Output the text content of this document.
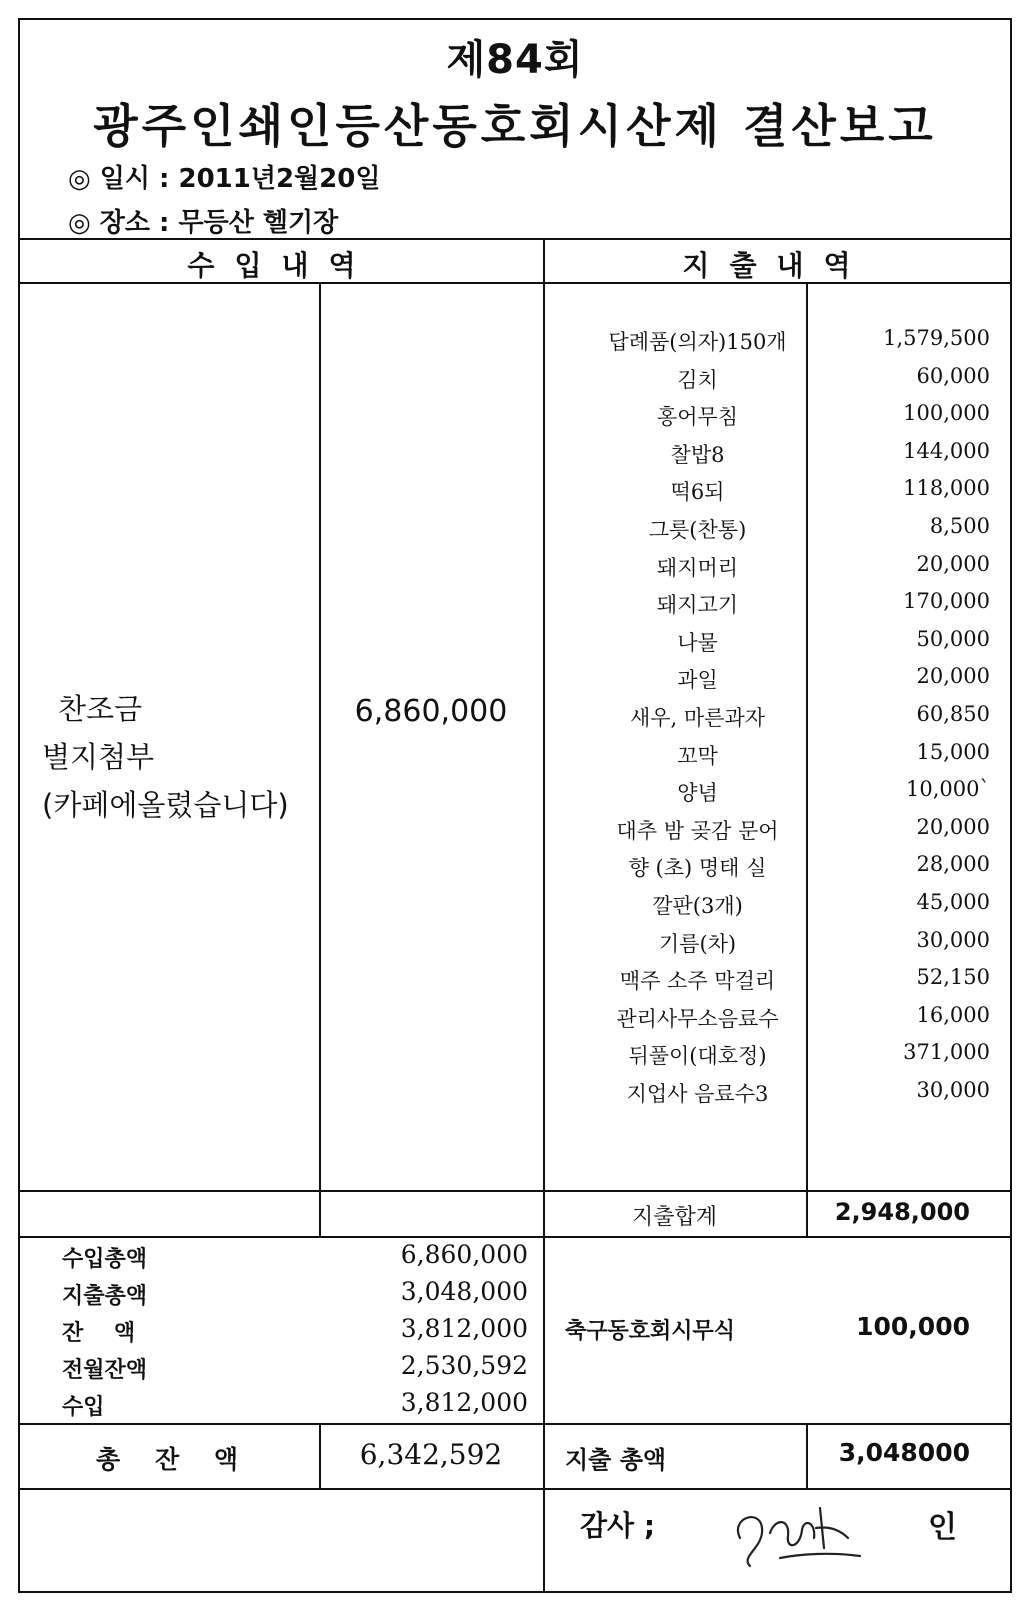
제84회
광주인쇄인등산동호회시산제 결산보고
◎ 일시 : 2011년2월20일
◎ 장소 : 무등산 헬기장
수입내역	지출내역
찬조금
별지첨부
(카페에올렸습니다)
6,860,000
답례품(의자)150개	1,579,500
김치	60,000
홍어무침	100,000
찰밥8	144,000
떡6되	118,000
그릇(찬통)	8,500
돼지머리	20,000
돼지고기	170,000
나물	50,000
과일	20,000
새우, 마른과자	60,850
꼬막	15,000
양념	10,000`
대추 밤 곶감 문어	20,000
향 (초) 명태 실	28,000
깔판(3개)	45,000
기름(차)	30,000
맥주 소주 막걸리	52,150
관리사무소음료수	16,000
뒤풀이(대호정)	371,000
지업사 음료수3	30,000
지출합계	2,948,000
수입총액	6,860,000
지출총액	3,048,000
잔    액	3,812,000
전월잔액	2,530,592
수입	3,812,000
축구동호회시무식	100,000
총    잔    액	6,342,592	지출 총액	3,048000
감사 ;	인
